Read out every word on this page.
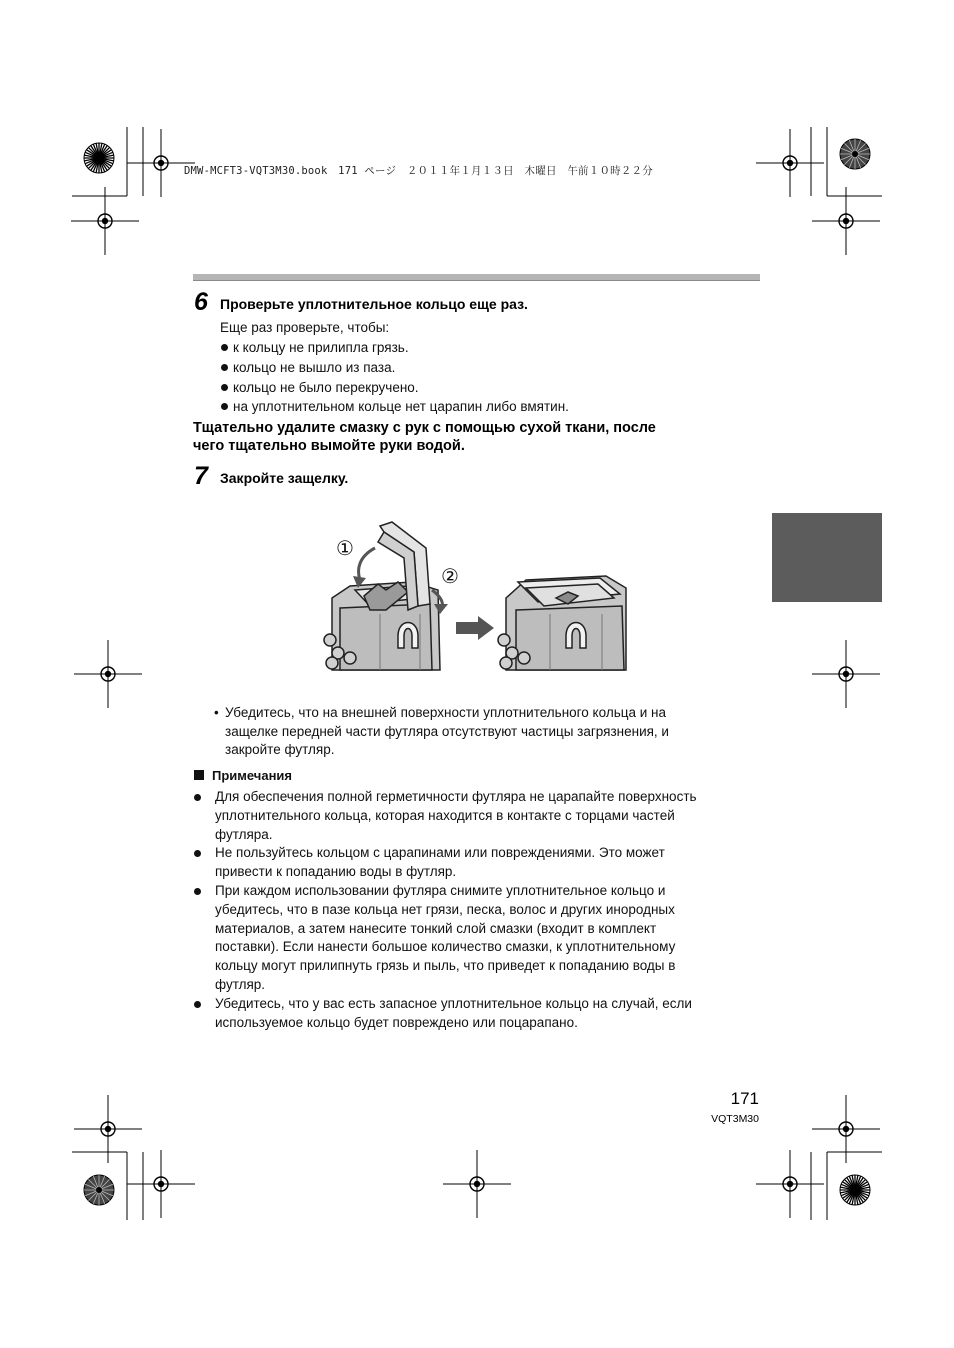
DMW-MCFT3-VQT3M30.book　171 ページ　２０１１年１月１３日　木曜日　午前１０時２２分
6 Проверьте уплотнительное кольцо еще раз.
Еще раз проверьте, чтобы:
к кольцу не прилипла грязь.
кольцо не вышло из паза.
кольцо не было перекручено.
на уплотнительном кольце нет царапин либо вмятин.
Тщательно удалите смазку с рук с помощью сухой ткани, после
чего тщательно вымойте руки водой.
7 Закройте защелку.
①
②
• Убедитесь, что на внешней поверхности уплотнительного кольца и на
защелке передней части футляра отсутствуют частицы загрязнения, и
закройте футляр.
Примечания
Для обеспечения полной герметичности футляра не царапайте поверхность
уплотнительного кольца, которая находится в контакте с торцами частей
футляра.
Не пользуйтесь кольцом с царапинами или повреждениями. Это может
привести к попаданию воды в футляр.
При каждом использовании футляра снимите уплотнительное кольцо и
убедитесь, что в пазе кольца нет грязи, песка, волос и других инородных
материалов, а затем нанесите тонкий слой смазки (входит в комплект
поставки). Если нанести большое количество смазки, к уплотнительному
кольцу могут прилипнуть грязь и пыль, что приведет к попаданию воды в
футляр.
Убедитесь, что у вас есть запасное уплотнительное кольцо на случай, если
используемое кольцо будет повреждено или поцарапано.
171
VQT3M30
